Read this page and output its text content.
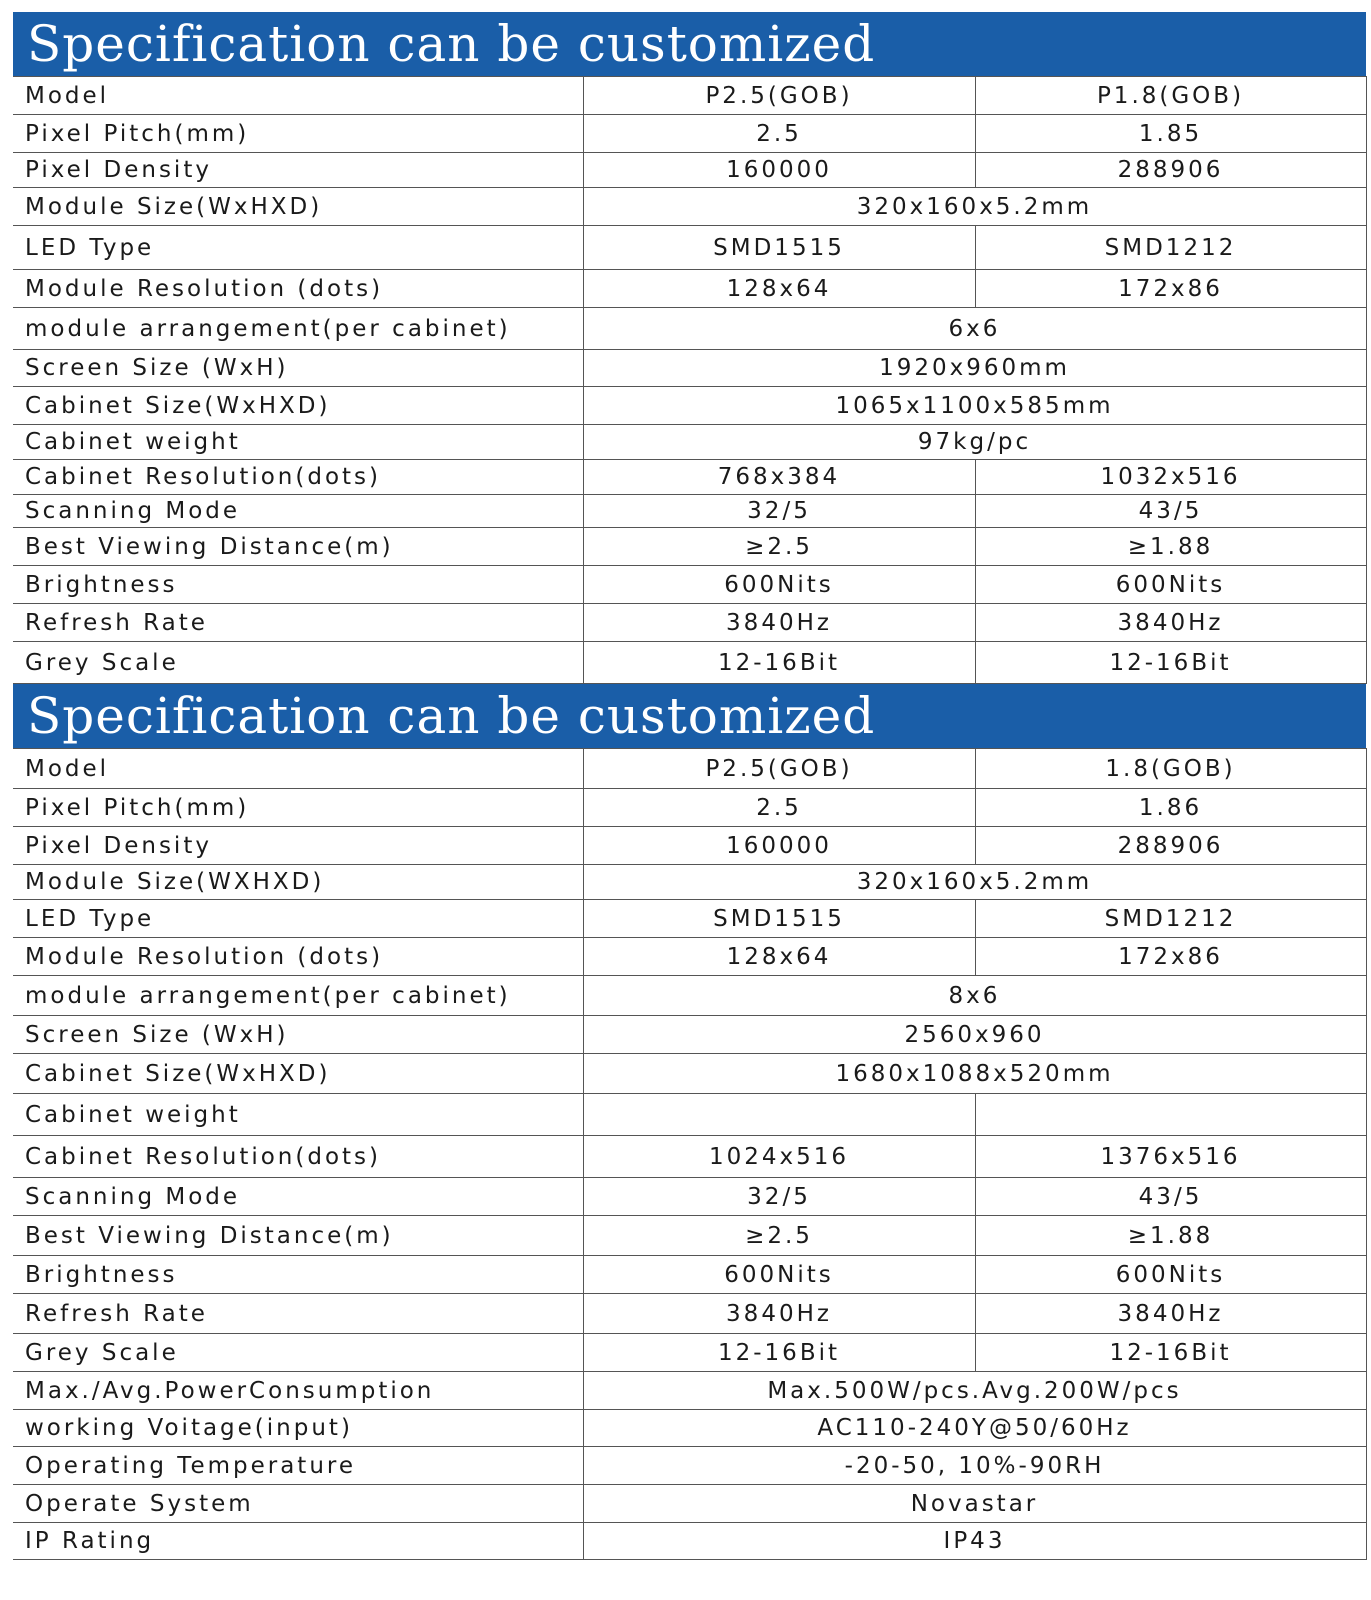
Specification can be customized
Model	P2.5(GOB)	P1.8(GOB)
Pixel Pitch(mm)	2.5	1.85
Pixel Density	160000	288906
Module Size(WxHXD)	320x160x5.2mm	
LED Type	SMD1515	SMD1212
Module Resolution (dots)	128x64	172x86
module arrangement(per cabinet)	6x6	
Screen Size (WxH)	1920x960mm	
Cabinet Size(WxHXD)	1065x1100x585mm	
Cabinet weight	97kg/pc	
Cabinet Resolution(dots)	768x384	1032x516
Scanning Mode	32/5	43/5
Best Viewing Distance(m)	≥2.5	≥1.88
Brightness	600Nits	600Nits
Refresh Rate	3840Hz	3840Hz
Grey Scale	12-16Bit	12-16Bit
Specification can be customized
Model	P2.5(GOB)	1.8(GOB)
Pixel Pitch(mm)	2.5	1.86
Pixel Density	160000	288906
Module Size(WXHXD)	320x160x5.2mm	
LED Type	SMD1515	SMD1212
Module Resolution (dots)	128x64	172x86
module arrangement(per cabinet)	8x6	
Screen Size (WxH)	2560x960	
Cabinet Size(WxHXD)	1680x1088x520mm	
Cabinet weight		
Cabinet Resolution(dots)	1024x516	1376x516
Scanning Mode	32/5	43/5
Best Viewing Distance(m)	≥2.5	≥1.88
Brightness	600Nits	600Nits
Refresh Rate	3840Hz	3840Hz
Grey Scale	12-16Bit	12-16Bit
Max./Avg.PowerConsumption	Max.500W/pcs.Avg.200W/pcs	
working Voitage(input)	AC110-240Y@50/60Hz	
Operating Temperature	-20-50, 10%-90RH	
Operate System	Novastar	
IP Rating	IP43	
